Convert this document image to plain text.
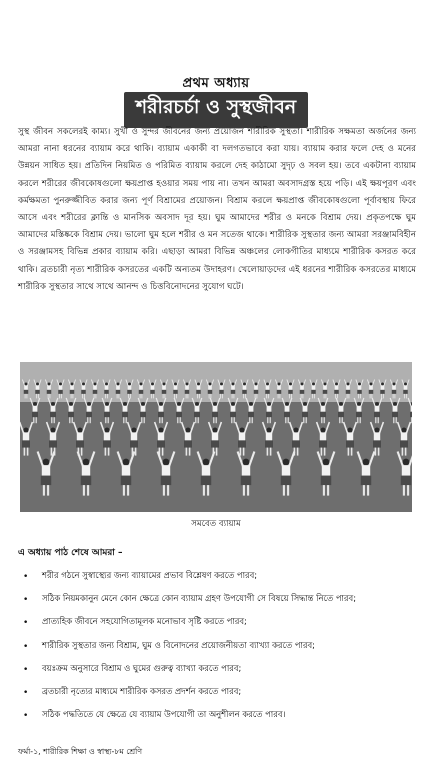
প্রথম অধ্যায়
শরীরচর্চা ও সুস্থজীবন
সুস্থ জীবন সকলেরই কাম্য। সুখী ও সুন্দর জীবনের জন্য প্রয়োজন শারীরিক সুস্থতা। শারীরিক সক্ষমতা অর্জনের জন্য আমরা নানা ধরনের ব্যায়াম করে থাকি। ব্যায়াম একাকী বা দলগতভাবে করা যায়। ব্যায়াম করার ফলে দেহ ও মনের উন্নয়ন সাধিত হয়। প্রতিদিন নিয়মিত ও পরিমিত ব্যায়াম করলে দেহ কাঠামো সুদৃঢ় ও সবল হয়। তবে একটানা ব্যায়াম করলে শরীরের জীবকোষগুলো ক্ষয়প্রাপ্ত হওয়ার সময় পায় না। তখন আমরা অবসাদগ্রস্ত হয়ে পড়ি। এই ক্ষয়পূরণ এবং কর্মক্ষমতা পুনরুজ্জীবিত করার জন্য পূর্ণ বিশ্রামের প্রয়োজন। বিশ্রাম করলে ক্ষয়প্রাপ্ত জীবকোষগুলো পূর্বাবস্থায় ফিরে আসে এবং শরীরের ক্লান্তি ও মানসিক অবসাদ দূর হয়। ঘুম আমাদের শরীর ও মনকে বিশ্রাম দেয়। প্রকৃতপক্ষে ঘুম আমাদের মস্তিষ্ককে বিশ্রাম দেয়। ভালো ঘুম হলে শরীর ও মন সতেজ থাকে। শারীরিক সুস্থতার জন্য আমরা সরঞ্জামবিহীন ও সরঞ্জামসহ বিভিন্ন প্রকার ব্যায়াম করি। এছাড়া আমরা বিভিন্ন অঞ্চলের লোকগীতির মাধ্যমে শারীরিক কসরত করে থাকি। ব্রতচারী নৃত্য শারীরিক কসরতের একটি অন্যতম উদাহরণ। খেলোয়াড়দের এই ধরনের শারীরিক কসরতের মাধ্যমে শারীরিক সুস্থতার সাথে সাথে আনন্দ ও চিত্তবিনোদনের সুযোগ ঘটে।
সমবেত ব্যায়াম
এ অধ্যায় পাঠ শেষে আমরা –
• শরীর গঠনে সুস্বাস্থ্যের জন্য ব্যায়ামের প্রভাব বিশ্লেষণ করতে পারব;
• সঠিক নিয়মকানুন মেনে কোন ক্ষেত্রে কোন ব্যায়াম গ্রহণ উপযোগী সে বিষয়ে সিদ্ধান্ত নিতে পারব;
• প্রাত্যহিক জীবনে সহযোগিতামূলক মনোভাব সৃষ্টি করতে পারব;
• শারীরিক সুস্থতার জন্য বিশ্রাম, ঘুম ও বিনোদনের প্রয়োজনীয়তা ব্যাখ্যা করতে পারব;
• বয়ঃক্রম অনুসারে বিশ্রাম ও ঘুমের গুরুত্ব ব্যাখ্যা করতে পারব;
• ব্রতচারী নৃত্যের মাধ্যমে শারীরিক কসরত প্রদর্শন করতে পারব;
• সঠিক পদ্ধতিতে যে ক্ষেত্রে যে ব্যায়াম উপযোগী তা অনুশীলন করতে পারব।
ফর্মা-১, শারীরিক শিক্ষা ও স্বাস্থ্য-৮ম শ্রেণি
